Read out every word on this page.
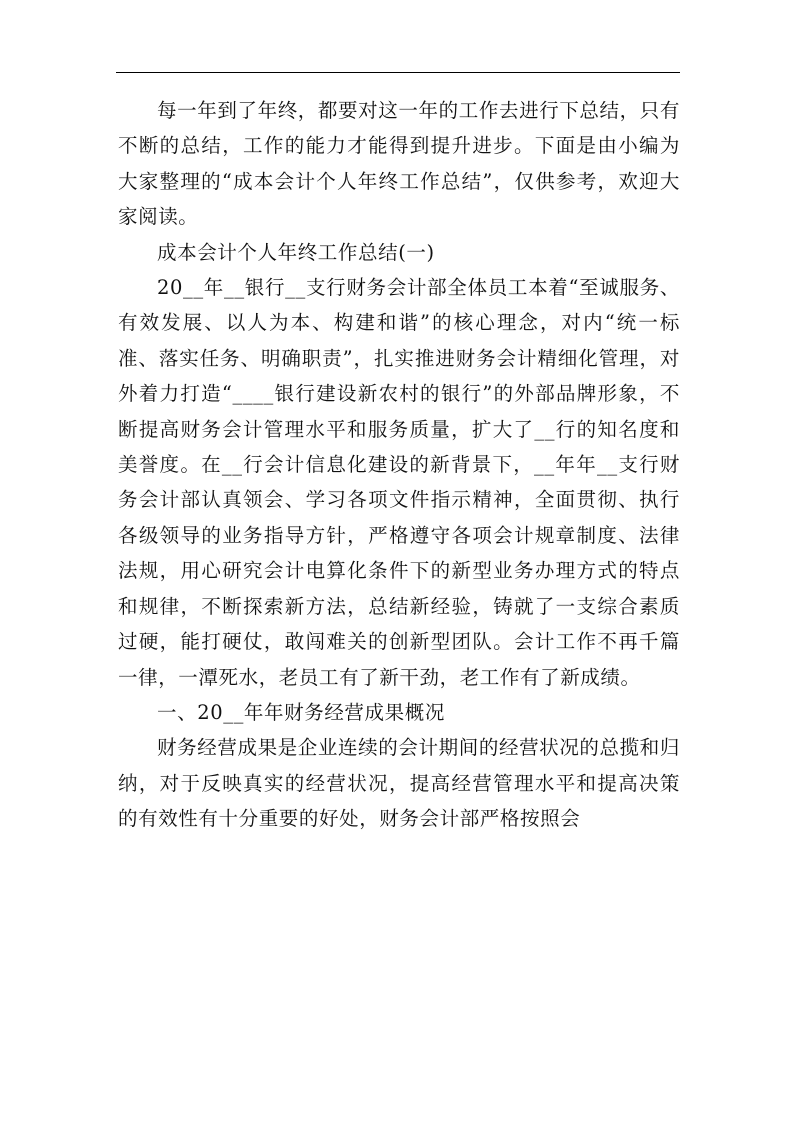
每一年到了年终，都要对这一年的工作去进行下总结，只有不断的总结，工作的能力才能得到提升进步。下面是由小编为大家整理的“成本会计个人年终工作总结”，仅供参考，欢迎大家阅读。

成本会计个人年终工作总结(一)

20__年__银行__支行财务会计部全体员工本着“至诚服务、有效发展、以人为本、构建和谐”的核心理念，对内“统一标准、落实任务、明确职责”，扎实推进财务会计精细化管理，对外着力打造“____银行建设新农村的银行”的外部品牌形象，不断提高财务会计管理水平和服务质量，扩大了__行的知名度和美誉度。在__行会计信息化建设的新背景下，__年年__支行财务会计部认真领会、学习各项文件指示精神，全面贯彻、执行各级领导的业务指导方针，严格遵守各项会计规章制度、法律法规，用心研究会计电算化条件下的新型业务办理方式的特点和规律，不断探索新方法，总结新经验，铸就了一支综合素质过硬，能打硬仗，敢闯难关的创新型团队。会计工作不再千篇一律，一潭死水，老员工有了新干劲，老工作有了新成绩。

一、20__年年财务经营成果概况

财务经营成果是企业连续的会计期间的经营状况的总揽和归纳，对于反映真实的经营状况，提高经营管理水平和提高决策的有效性有十分重要的好处，财务会计部严格按照会
